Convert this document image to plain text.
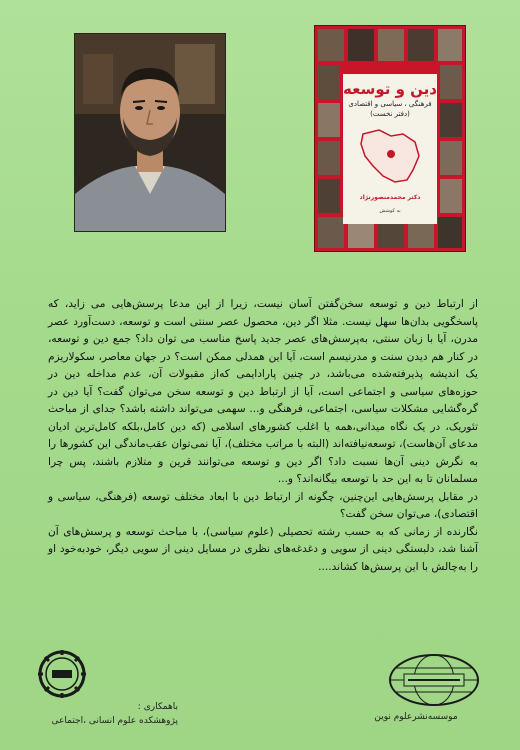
دین و توسعه
فرهنگی ، سیاسی و اقتصادی
(دفتر نخست)
دکتر محمدمنصورنژاد
به کوشش

از ارتباط دین و توسعه سخن‌گفتن آسان نیست، زیرا از این مدعا پرسش‌هایی می زاید، که پاسخگویی بدان‌ها سهل نیست. مثلا اگر دین، محصول عصر سنتی است و توسعه، دست‌آورد عصر مدرن، آیا با زبان سنتی، به‌پرسش‌های عصر جدید پاسخ مناسب می توان داد؟ جمع دین و توسعه، در کنار هم دیدن سنت و مدرنیسم است، آیا این همدلی ممکن است؟ در جهان معاصر، سکولاریزم یک اندیشه پذیرفته‌شده می‌باشد، در چنین پارادایمی که‌از مقبولات آن، عدم مداخله دین در حوزه‌های سیاسی و اجتماعی است، آیا از ارتباط دین و توسعه سخن می‌توان گفت؟ آیا دین در گره‌گشایی مشکلات سیاسی، اجتماعی، فرهنگی و... سهمی می‌تواند داشته باشد؟ جدای از مباحث تئوریک، در یک نگاه میدانی،همه یا اغلب کشورهای اسلامی (که دین کامل،بلکه کامل‌ترین ادیان مدعای آن‌هاست)، توسعه‌نیافته‌اند (البته با مراتب مختلف)، آیا نمی‌توان عقب‌ماندگی این کشورها را به نگرش دینی آن‌ها نسبت داد؟ اگر دین و توسعه می‌توانند قرین و متلازم باشند، پس چرا مسلمانان تا به این حد با توسعه بیگانه‌اند؟ و...

در مقابل پرسش‌هایی این‌چنین، چگونه از ارتباط دین با ابعاد مختلف توسعه (فرهنگی، سیاسی و اقتصادی)، می‌توان سخن گفت؟

نگارنده از زمانی که به حسب رشته تحصیلی (علوم سیاسی)، با مباحث توسعه و پرسش‌های آن آشنا شد، دلبستگی دینی از سویی و دغدغه‌های نظری در مسایل دینی از سویی دیگر، خودبه‌خود او را به‌چالش با این پرسش‌ها کشاند....

باهمکاری :
پژوهشکده علوم انسانی ،اجتماعی	موسسه‌نشرعلوم نوین
